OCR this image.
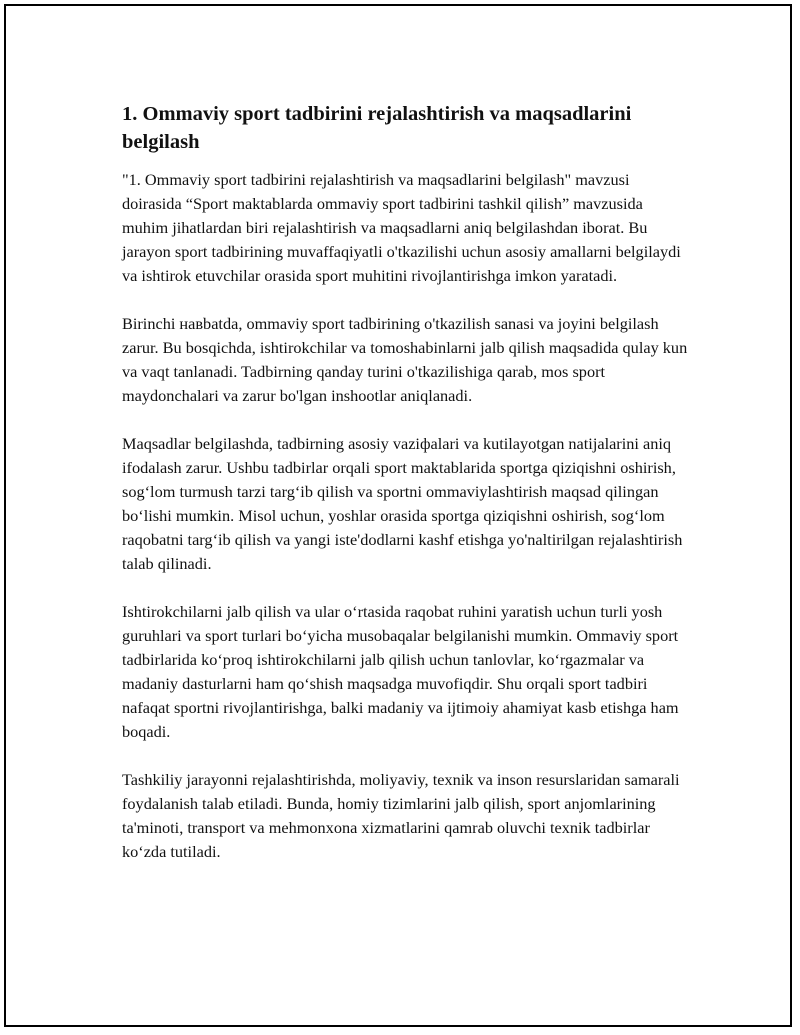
1. Ommaviy sport tadbirini rejalashtirish va maqsadlarini belgilash

"1. Ommaviy sport tadbirini rejalashtirish va maqsadlarini belgilash" mavzusi doirasida “Sport maktablarda ommaviy sport tadbirini tashkil qilish” mavzusida muhim jihatlardan biri rejalashtirish va maqsadlarni aniq belgilashdan iborat. Bu jarayon sport tadbirining muvaffaqiyatli o'tkazilishi uchun asosiy amallarni belgilaydi va ishtirok etuvchilar orasida sport muhitini rivojlantirishga imkon yaratadi.

Birinchi навbatda, ommaviy sport tadbirining o'tkazilish sanasi va joyini belgilash zarur. Bu bosqichda, ishtirokchilar va tomoshabinlarni jalb qilish maqsadida qulay kun va vaqt tanlanadi. Tadbirning qanday turini o'tkazilishiga qarab, mos sport maydonchalari va zarur bo'lgan inshootlar aniqlanadi.

Maqsadlar belgilashda, tadbirning asosiy vaziфalari va kutilayotgan natijalarini aniq ifodalash zarur. Ushbu tadbirlar orqali sport maktablarida sportga qiziqishni oshirish, sog‘lom turmush tarzi targ‘ib qilish va sportni ommaviylashtirish maqsad qilingan bo‘lishi mumkin. Misol uchun, yoshlar orasida sportga qiziqishni oshirish, sog‘lom raqobatni targ‘ib qilish va yangi iste'dodlarni kashf etishga yo'naltirilgan rejalashtirish talab qilinadi.

Ishtirokchilarni jalb qilish va ular o‘rtasida raqobat ruhini yaratish uchun turli yosh guruhlari va sport turlari bo‘yicha musobaqalar belgilanishi mumkin. Ommaviy sport tadbirlarida ko‘proq ishtirokchilarni jalb qilish uchun tanlovlar, ko‘rgazmalar va madaniy dasturlarni ham qo‘shish maqsadga muvofiqdir. Shu orqali sport tadbiri nafaqat sportni rivojlantirishga, balki madaniy va ijtimoiy ahamiyat kasb etishga ham boqadi.

Tashkiliy jarayonni rejalashtirishda, moliyaviy, texnik va inson resurslaridan samarali foydalanish talab etiladi. Bunda, homiy tizimlarini jalb qilish, sport anjomlarining ta'minoti, transport va mehmonxona xizmatlarini qamrab oluvchi texnik tadbirlar ko‘zda tutiladi.
